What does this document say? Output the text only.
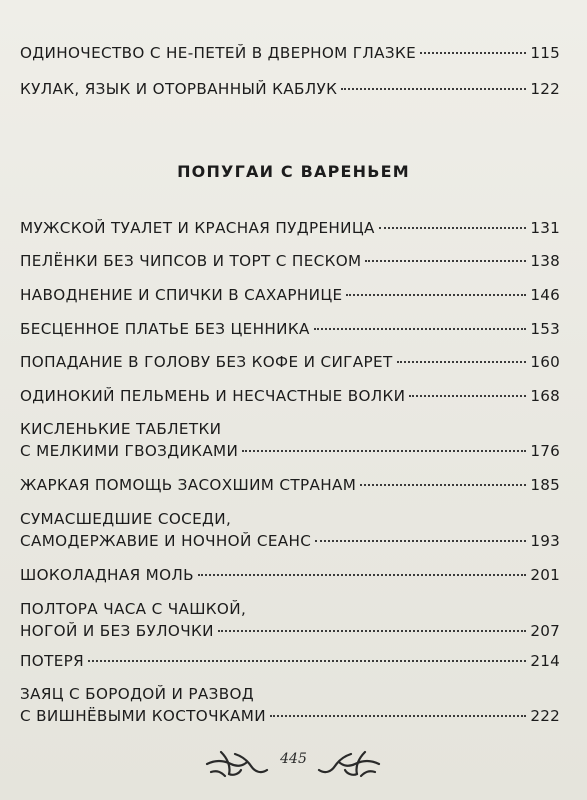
ОДИНОЧЕСТВО С НЕ-ПЕТЕЙ В ДВЕРНОМ ГЛАЗКЕ	115
КУЛАК, ЯЗЫК И ОТОРВАННЫЙ КАБЛУК	122
ПОПУГАИ С ВАРЕНЬЕМ
МУЖСКОЙ ТУАЛЕТ И КРАСНАЯ ПУДРЕНИЦА	131
ПЕЛЁНКИ БЕЗ ЧИПСОВ И ТОРТ С ПЕСКОМ	138
НАВОДНЕНИЕ И СПИЧКИ В САХАРНИЦЕ	146
БЕСЦЕННОЕ ПЛАТЬЕ БЕЗ ЦЕННИКА	153
ПОПАДАНИЕ В ГОЛОВУ БЕЗ КОФЕ И СИГАРЕТ	160
ОДИНОКИЙ ПЕЛЬМЕНЬ И НЕСЧАСТНЫЕ ВОЛКИ	168
КИСЛЕНЬКИЕ ТАБЛЕТКИ
С МЕЛКИМИ ГВОЗДИКАМИ	176
ЖАРКАЯ ПОМОЩЬ ЗАСОХШИМ СТРАНАМ	185
СУМАСШЕДШИЕ СОСЕДИ,
САМОДЕРЖАВИЕ И НОЧНОЙ СЕАНС	193
ШОКОЛАДНАЯ МОЛЬ	201
ПОЛТОРА ЧАСА С ЧАШКОЙ,
НОГОЙ И БЕЗ БУЛОЧКИ	207
ПОТЕРЯ	214
ЗАЯЦ С БОРОДОЙ И РАЗВОД
С ВИШНЁВЫМИ КОСТОЧКАМИ	222
445
